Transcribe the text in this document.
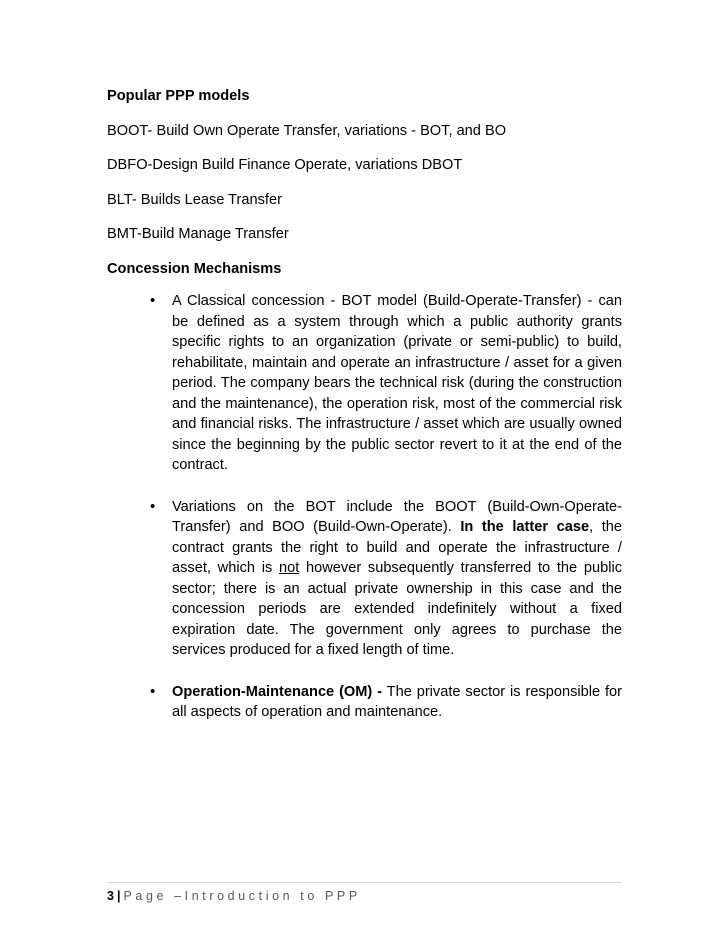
Popular PPP models

BOOT- Build Own Operate Transfer, variations - BOT, and BO

DBFO-Design Build Finance Operate, variations DBOT

BLT- Builds Lease Transfer

BMT-Build Manage Transfer

Concession Mechanisms

• A Classical concession - BOT model (Build-Operate-Transfer) - can be defined as a system through which a public authority grants specific rights to an organization (private or semi-public) to build, rehabilitate, maintain and operate an infrastructure / asset for a given period. The company bears the technical risk (during the construction and the maintenance), the operation risk, most of the commercial risk and financial risks. The infrastructure / asset which are usually owned since the beginning by the public sector revert to it at the end of the contract.
• Variations on the BOT include the BOOT (Build-Own-Operate-Transfer) and BOO (Build-Own-Operate). In the latter case, the contract grants the right to build and operate the infrastructure / asset, which is not however subsequently transferred to the public sector; there is an actual private ownership in this case and the concession periods are extended indefinitely without a fixed expiration date. The government only agrees to purchase the services produced for a fixed length of time.
• Operation-Maintenance (OM) - The private sector is responsible for all aspects of operation and maintenance.
3 | Page –Introduction to PPP
